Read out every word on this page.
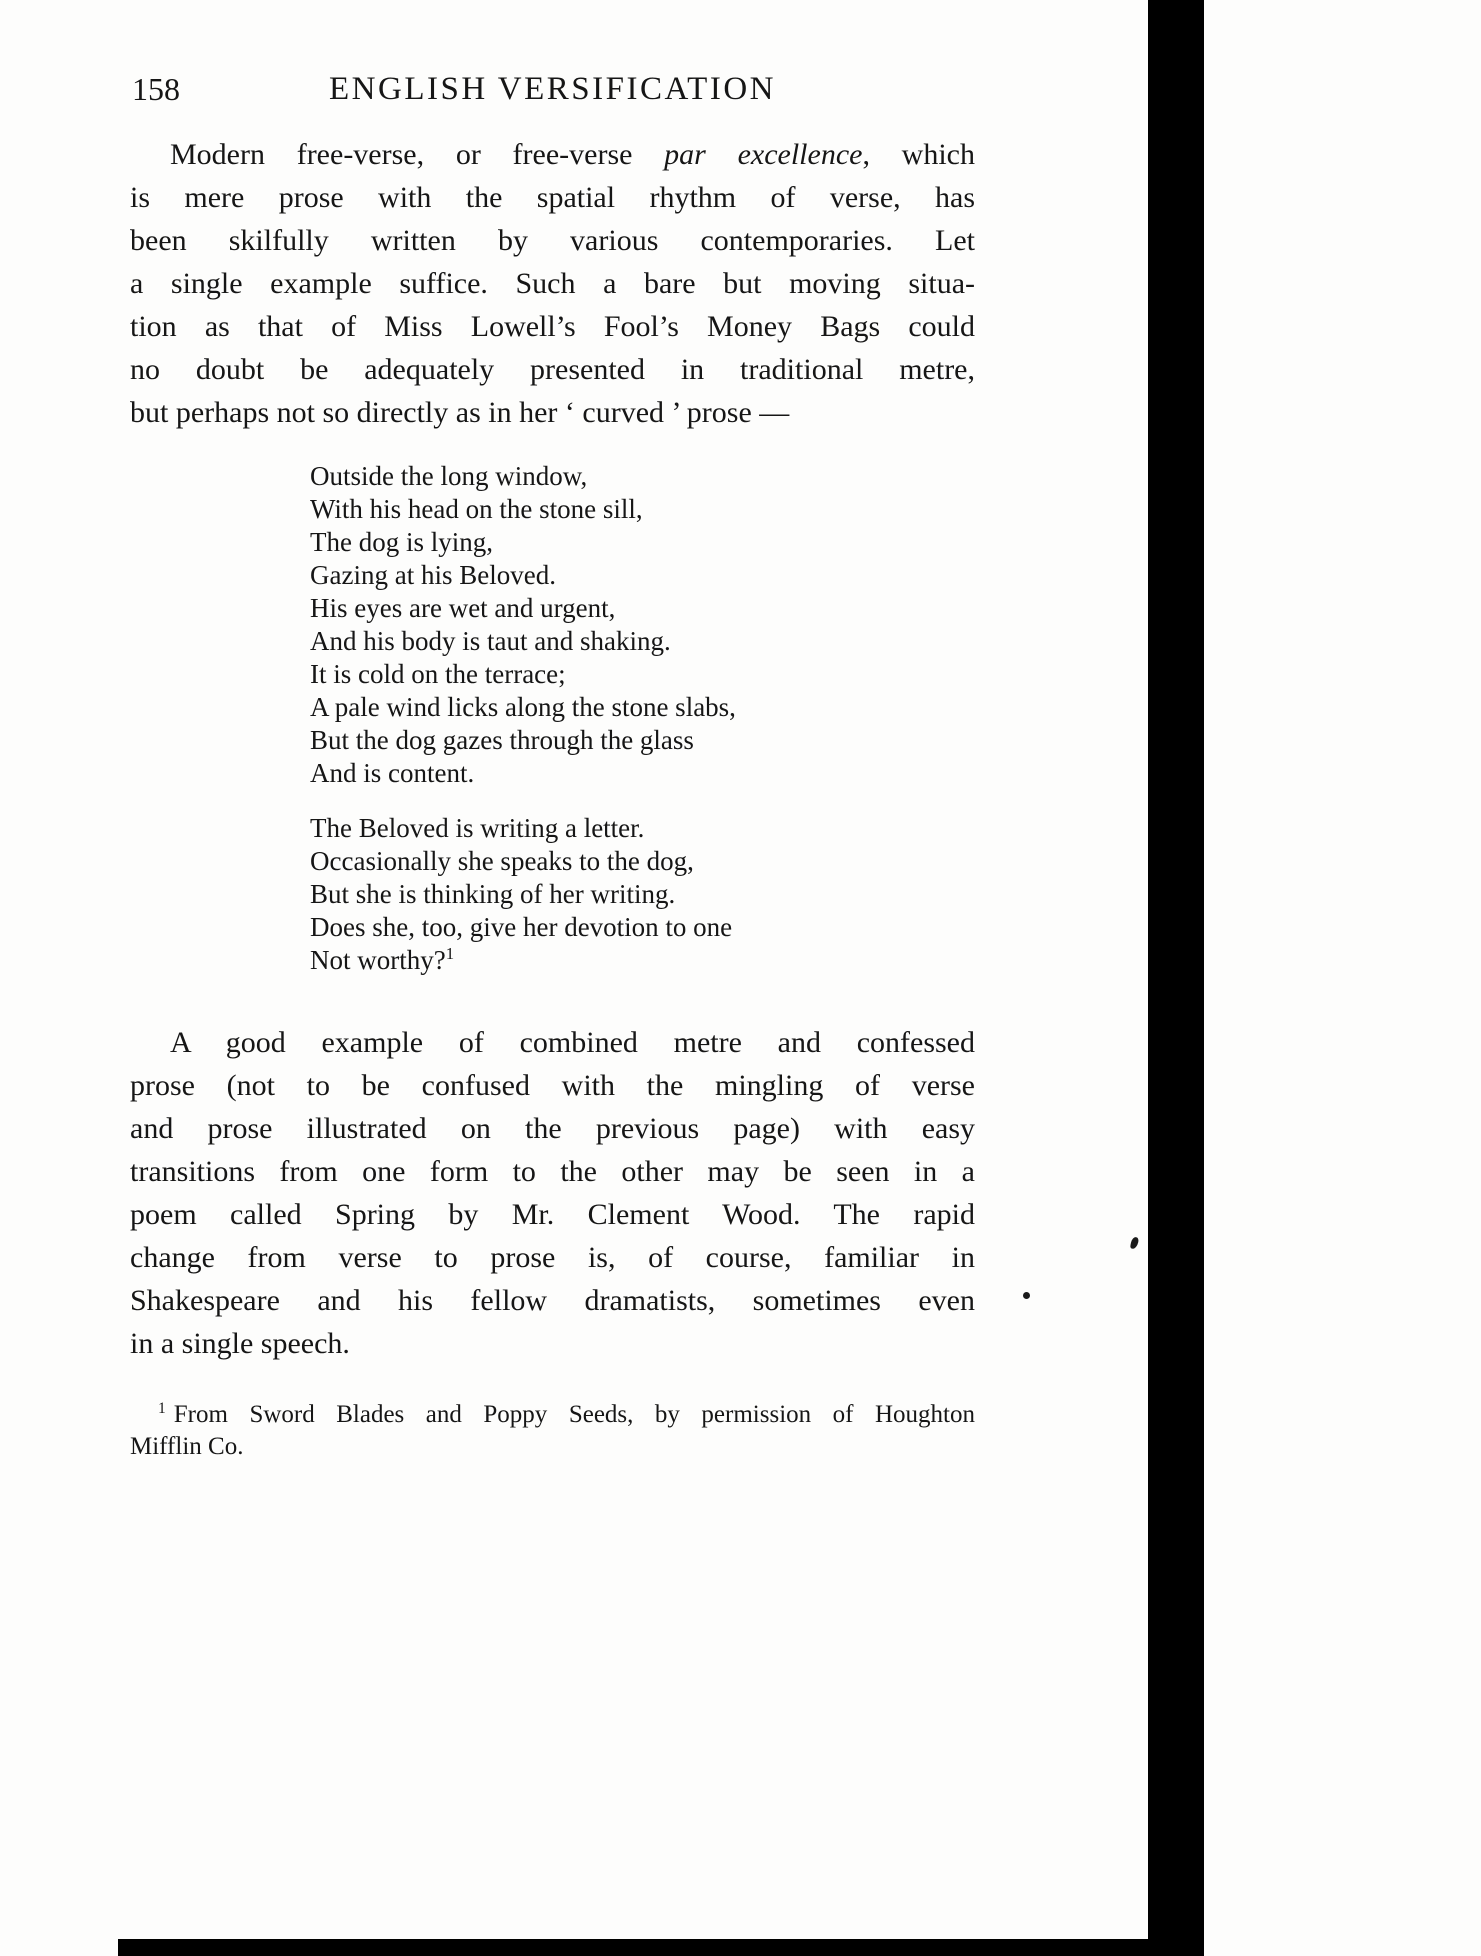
158	ENGLISH VERSIFICATION
Modern free-verse, or free-verse par excellence, which
is mere prose with the spatial rhythm of verse, has
been skilfully written by various contemporaries. Let
a single example suffice. Such a bare but moving situa-
tion as that of Miss Lowell’s Fool’s Money Bags could
no doubt be adequately presented in traditional metre,
but perhaps not so directly as in her ‘ curved ’ prose —
Outside the long window,
With his head on the stone sill,
The dog is lying,
Gazing at his Beloved.
His eyes are wet and urgent,
And his body is taut and shaking.
It is cold on the terrace;
A pale wind licks along the stone slabs,
But the dog gazes through the glass
And is content.
The Beloved is writing a letter.
Occasionally she speaks to the dog,
But she is thinking of her writing.
Does she, too, give her devotion to one
Not worthy?$^1$
A good example of combined metre and confessed
prose (not to be confused with the mingling of verse
and prose illustrated on the previous page) with easy
transitions from one form to the other may be seen in a
poem called Spring by Mr. Clement Wood. The rapid
change from verse to prose is, of course, familiar in
Shakespeare and his fellow dramatists, sometimes even
in a single speech.
$^1$ From Sword Blades and Poppy Seeds, by permission of Houghton
Mifflin Co.
